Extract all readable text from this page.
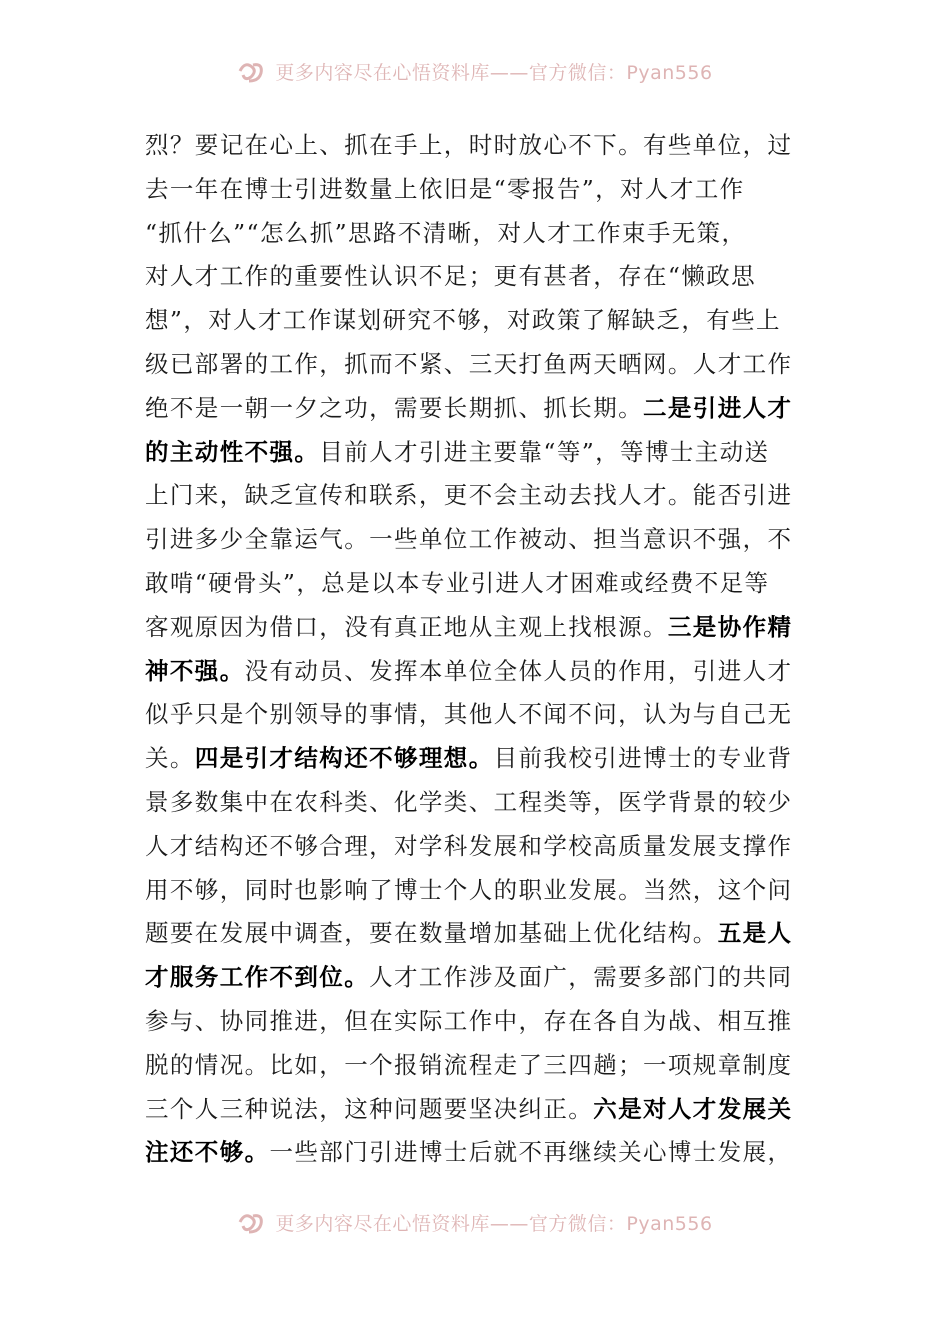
更多内容尽在心悟资料库——官方微信：Pyan556
烈？要记在心上、抓在手上，时时放心不下。有些单位，过
去一年在博士引进数量上依旧是“零报告”，对人才工作
“抓什么”“怎么抓”思路不清晰，对人才工作束手无策，
对人才工作的重要性认识不足；更有甚者，存在“懒政思
想”，对人才工作谋划研究不够，对政策了解缺乏，有些上
级已部署的工作，抓而不紧、三天打鱼两天晒网。人才工作
绝不是一朝一夕之功，需要长期抓、抓长期。二是引进人才
的主动性不强。目前人才引进主要靠“等”，等博士主动送
上门来，缺乏宣传和联系，更不会主动去找人才。能否引进
引进多少全靠运气。一些单位工作被动、担当意识不强，不
敢啃“硬骨头”，总是以本专业引进人才困难或经费不足等
客观原因为借口，没有真正地从主观上找根源。三是协作精
神不强。没有动员、发挥本单位全体人员的作用，引进人才
似乎只是个别领导的事情，其他人不闻不问，认为与自己无
关。四是引才结构还不够理想。目前我校引进博士的专业背
景多数集中在农科类、化学类、工程类等，医学背景的较少
人才结构还不够合理，对学科发展和学校高质量发展支撑作
用不够，同时也影响了博士个人的职业发展。当然，这个问
题要在发展中调查，要在数量增加基础上优化结构。五是人
才服务工作不到位。人才工作涉及面广，需要多部门的共同
参与、协同推进，但在实际工作中，存在各自为战、相互推
脱的情况。比如，一个报销流程走了三四趟；一项规章制度
三个人三种说法，这种问题要坚决纠正。六是对人才发展关
注还不够。一些部门引进博士后就不再继续关心博士发展，
更多内容尽在心悟资料库——官方微信：Pyan556
